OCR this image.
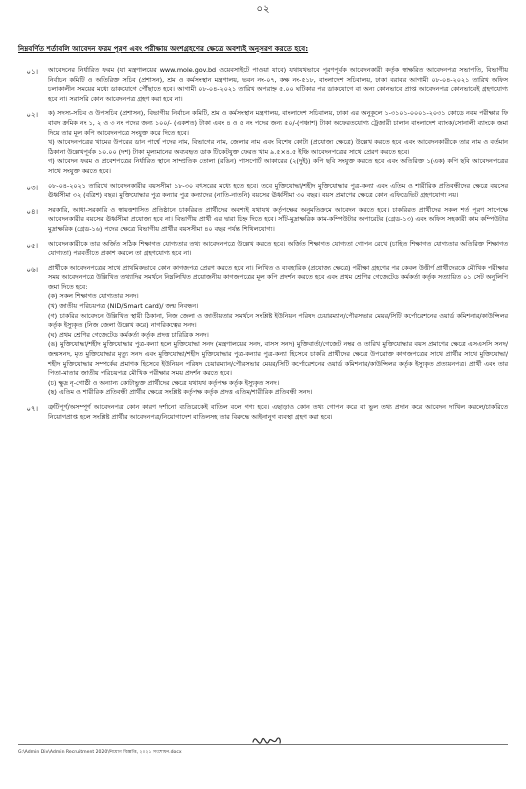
০২
নিম্নবর্ণিত শর্তাবলি আবেদন ফরম পূরণ এবং পরীক্ষায় অংশগ্রহণের ক্ষেত্রে অবশ্যই অনুসরণ করতে হবে:
০১।	আবেদনের নির্ধারিত ফরম (যা মন্ত্রণালয়ের www.mole.gov.bd ওয়েবসাইটে পাওয়া যাবে) যথাযথভাবে পূরণপূর্বক আবেদনকারী কর্তৃক স্বাক্ষরিত আবেদনপত্র সভাপতি, বিভাগীয় নির্বাচন কমিটি ও অতিরিক্ত সচিব (প্রশাসন), শ্রম ও কর্মসংস্থান মন্ত্রণালয়, ভবন নং-০৭, কক্ষ নং-৫১৮, বাংলাদেশ সচিবালয়, ঢাকা বরাবর আগামী ০৮-০৪-২০২১ তারিখ অফিস চলাকালীন সময়ের মধ্যে ডাকযোগে পৌঁছাতে হবে। আগামী ০৮-০৪-২০২১ তারিখ অপরাহ্ন ৫.০০ ঘটিকার পর ডাকযোগে বা অন্য কোনভাবে প্রাপ্ত আবেদনপত্র কোনভাবেই গ্রহণযোগ্য হবে না। সরাসরি কোন আবেদনপত্র গ্রহণ করা হবে না।

০২।	ক) সদস্য-সচিব ও উপসচিব (প্রশাসন), বিভাগীয় নির্বাচন কমিটি, শ্রম ও কর্মসংস্থান মন্ত্রণালয়, বাংলাদেশ সচিবালয়, ঢাকা এর অনুকূলে ১-৩১০১-০০০১-২০৩১ কোডে নবম পরীক্ষার ফি বাবদ ক্রমিক নং ১, ২ ও ৩ নং পদের জন্য ১০০/- (একশত) টাকা এবং ৪ ও ৫ নং পদের জন্য ৫০/-(পঞ্চাশ) টাকা অফেরতযোগ্য ট্রেজারী চালান বাংলাদেশ ব্যাংক/সোনালী ব্যাংকে জমা দিয়ে তার মূল কপি আবেদনপত্রে সংযুক্ত করে দিতে হবে।

খ) আবেদনপত্রের খামের উপরের ডান পার্শ্বে পদের নাম, বিভাগের নাম, জেলার নাম এবং বিশেষ কোটা (প্রযোজ্য ক্ষেত্রে) উল্লেখ করতে হবে এবং আবেদনকারীকে তার নাম ও বর্তমান ঠিকানা উল্লেখপূর্বক ১০.০০ (দশ) টাকা মূল্যমানের অব্যবহৃত ডাক টিকেটযুক্ত ফেরত খাম ৯.৫×৪.৫ ইঞ্চি আবেদনপত্রের সাথে প্রেরণ করতে হবে।

গ) আবেদন ফরম ও প্রবেশপত্রের নির্ধারিত স্থানে সাম্প্রতিক তোলা (রঙিন) পাসপোর্ট আকারের (২(দুই)) কপি ছবি সংযুক্ত করতে হবে এবং অতিরিক্ত ১(এক) কপি ছবি আবেদনপত্রের সাথে সংযুক্ত করতে হবে।

০৩।	০৮-০৪-২০২১ তারিখে আবেদনকারীর বয়সসীমা ১৮-৩০ বৎসরের মধ্যে হতে হবে। তবে মুক্তিযোদ্ধা/শহীদ মুক্তিযোদ্ধার পুত্র-কন্যা এবং এতিম ও শারীরিক প্রতিবন্ধীদের ক্ষেত্রে বয়সের ঊর্ধ্বসীমা ৩২ (বত্রিশ) বছর। মুক্তিযোদ্ধার পুত্র কন্যার পুত্র কন্যাদের (নাতি-নাতনি) বয়সের ঊর্ধ্বসীমা ৩০ বছর। বয়স প্রমাণের ক্ষেত্রে কোন এফিডেভিট গ্রহণযোগ্য নয়।

০৪।	সরকারি, আধা-সরকারি ও স্বায়ত্তশাসিত প্রতিষ্ঠানে চাকরিরত প্রার্থীদের অবশ্যই যথাযথ কর্তৃপক্ষের অনুমতিক্রমে আবেদন করতে হবে। চাকরিরত প্রার্থীদের সকল শর্ত পূরণ সাপেক্ষে আবেদনকারীর বয়সের ঊর্ধ্বসীমা প্রযোজ্য হবে না। বিভাগীয় প্রার্থী এর দ্বারা চিহ্ন দিতে হবে। সাঁট-মুদ্রাক্ষরিক কাম-কম্পিউটার অপারেটর (গ্রেড-১৩) এবং অফিস সহকারী কাম কম্পিউটার মুদ্রাক্ষরিক (গ্রেড-১৬) পদের ক্ষেত্রে বিভাগীয় প্রার্থীর বয়সসীমা ৪০ বছর পর্যন্ত শিথিলযোগ্য।

০৫।	আবেদনকারীকে তার অর্জিত সঠিক শিক্ষাগত যোগ্যতার তথ্য আবেদনপত্রে উল্লেখ করতে হবে। অর্জিত শিক্ষাগত যোগ্যতা গোপন রেখে (চাহিত শিক্ষাগত যোগ্যতার অতিরিক্ত শিক্ষাগত যোগ্যতা) পরবর্তীতে প্রকাশ করলে তা গ্রহণযোগ্য হবে না।

০৬।	প্রার্থীকে আবেদনপত্রের সাথে প্রাথমিকভাবে কোন কাগজপত্র প্রেরণ করতে হবে না। লিখিত ও ব্যবহারিক (প্রযোজ্য ক্ষেত্রে) পরীক্ষা গ্রহণের পর কেবল উত্তীর্ণ প্রার্থীদেরকে মৌখিক পরীক্ষার সময় আবেদনপত্রে উল্লিখিত তথ্যাদির সমর্থনে নিম্নলিখিত প্রয়োজনীয় কাগজপত্রের মূল কপি প্রদর্শন করতে হবে এবং প্রথম শ্রেণির গেজেটেড কর্মকর্তা কর্তৃক সত্যায়িত ০১ সেট অনুলিপি জমা দিতে হবে:

(ক) সকল শিক্ষাগত যোগ্যতার সনদ।

(খ) জাতীয় পরিচয়পত্র (NID/Smart card)/ জন্ম নিবন্ধন।

(গ) চাকরির আবেদনে উল্লিখিত স্থায়ী ঠিকানা, নিজ জেলা ও জাতীয়তার সমর্থনে সংশ্লিষ্ট ইউনিয়ন পরিষদ চেয়ারম্যান/পৌরসভার মেয়র/সিটি কর্পোরেশনের ওয়ার্ড কমিশনার/কাউন্সিলর কর্তৃক ইস্যুকৃত (নিজ জেলা উল্লেখ করে) নাগরিকত্বের সনদ।

(ঘ) প্রথম শ্রেণির গেজেটেড কর্মকর্তা কর্তৃক প্রদত্ত চারিত্রিক সনদ।

(ঙ) মুক্তিযোদ্ধা/শহীদ মুক্তিযোদ্ধার পুত্র-কন্যা হলে মুক্তিযোদ্ধা সনদ (মন্ত্রণালয়ের সনদ, বাসস সনদ) মুক্তিবার্তা/গেজেট নম্বর ও তারিখ মুক্তিযোদ্ধার বয়স প্রমাণের ক্ষেত্রে এসএসসি সনদ/জন্মসনদ, মৃত মুক্তিযোদ্ধার মৃত্যু সনদ এবং মুক্তিযোদ্ধা/শহীদ মুক্তিযোদ্ধার পুত্র-কন্যার পুত্র-কন্যা হিসেবে চাকরি প্রার্থীদের ক্ষেত্রে উপরোক্ত কাগজপত্রের সাথে প্রার্থীর সাথে মুক্তিযোদ্ধা/শহীদ মুক্তিযোদ্ধার সম্পর্কের প্রমাণক হিসেবে ইউনিয়ন পরিষদ চেয়ারম্যান/পৌরসভার মেয়র/সিটি কর্পোরেশনের ওয়ার্ড কমিশনার/কাউন্সিলর কর্তৃক ইস্যুকৃত প্রত্যয়নপত্র। প্রার্থী এবং তার পিতা-মাতার জাতীয় পরিচয়পত্র মৌখিক পরীক্ষার সময় প্রদর্শন করতে হবে।

(চ) ক্ষুদ্র নৃ-গোষ্ঠী ও অন্যান্য কোটাভুক্ত প্রার্থীদের ক্ষেত্রে যথাযথ কর্তৃপক্ষ কর্তৃক ইস্যুকৃত সনদ।

(ছ) এতিম ও শারীরিক প্রতিবন্ধী প্রার্থীর ক্ষেত্রে সংশ্লিষ্ট কর্তৃপক্ষ কর্তৃক প্রদত্ত এতিম/শারীরিক প্রতিবন্ধী সনদ।

০৭।	ত্রুটিপূর্ণ/অসম্পূর্ণ আবেদনপত্র কোন কারণ দর্শানো ব্যতিরেকেই বাতিল বলে গণ্য হবে। এছাড়াও কোন তথ্য গোপন করে বা ভুল তথ্য প্রদান করে আবেদন দাখিল করলে/চাকরিতে নিয়োগপ্রাপ্ত হলে সংশ্লিষ্ট প্রার্থীর আবেদনপত্র/নিয়োগাদেশ বাতিলসহ তার বিরুদ্ধে আইনানুগ ব্যবস্থা গ্রহণ করা হবে।

G:\Admin Div\Admin Recruitment 2020\নিয়োগ বিজ্ঞপ্তি, ২০২১ সংশোধন.docx
